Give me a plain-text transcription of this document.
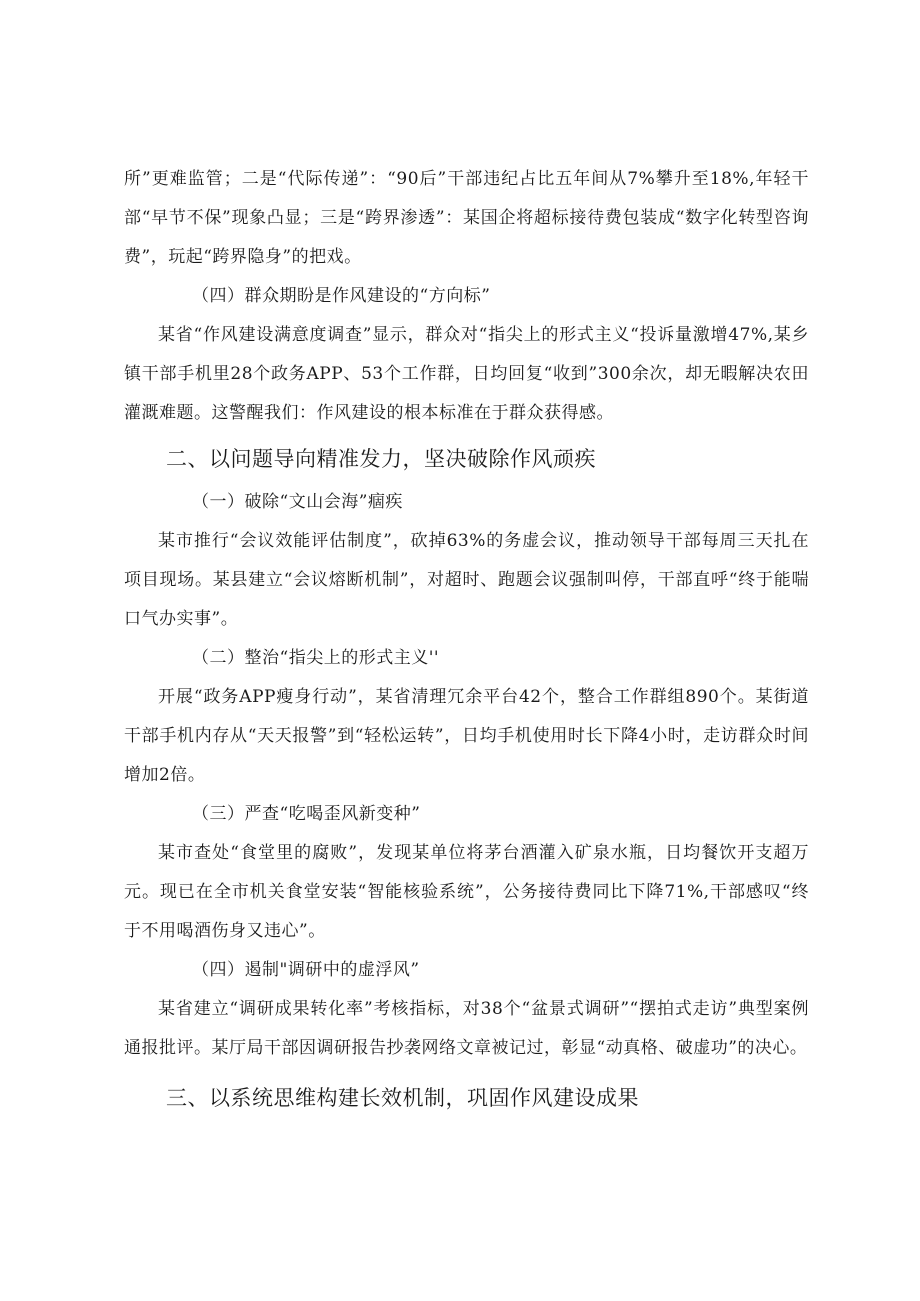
所”更难监管；二是“代际传递”：“90后”干部违纪占比五年间从7%攀升至18%,年轻干部“早节不保”现象凸显；三是“跨界渗透”：某国企将超标接待费包装成“数字化转型咨询费”，玩起“跨界隐身”的把戏。

（四）群众期盼是作风建设的“方向标”

某省“作风建设满意度调查”显示，群众对“指尖上的形式主义“投诉量激增47%,某乡镇干部手机里28个政务APP、53个工作群，日均回复“收到”300余次，却无暇解决农田灌溉难题。这警醒我们：作风建设的根本标准在于群众获得感。

二、以问题导向精准发力，坚决破除作风顽疾

（一）破除“文山会海”痼疾

某市推行“会议效能评估制度”，砍掉63%的务虚会议，推动领导干部每周三天扎在项目现场。某县建立“会议熔断机制”，对超时、跑题会议强制叫停，干部直呼“终于能喘口气办实事”。

（二）整治“指尖上的形式主义''

开展“政务APP瘦身行动”，某省清理冗余平台42个，整合工作群组890个。某街道干部手机内存从“天天报警”到“轻松运转”，日均手机使用时长下降4小时，走访群众时间增加2倍。

（三）严查“吃喝歪风新变种”

某市查处“食堂里的腐败”，发现某单位将茅台酒灌入矿泉水瓶，日均餐饮开支超万元。现已在全市机关食堂安装“智能核验系统”，公务接待费同比下降71%,干部感叹“终于不用喝酒伤身又违心”。

（四）遏制"调研中的虚浮风”

某省建立“调研成果转化率”考核指标，对38个“盆景式调研”“摆拍式走访”典型案例通报批评。某厅局干部因调研报告抄袭网络文章被记过，彰显“动真格、破虚功”的决心。

三、以系统思维构建长效机制，巩固作风建设成果
